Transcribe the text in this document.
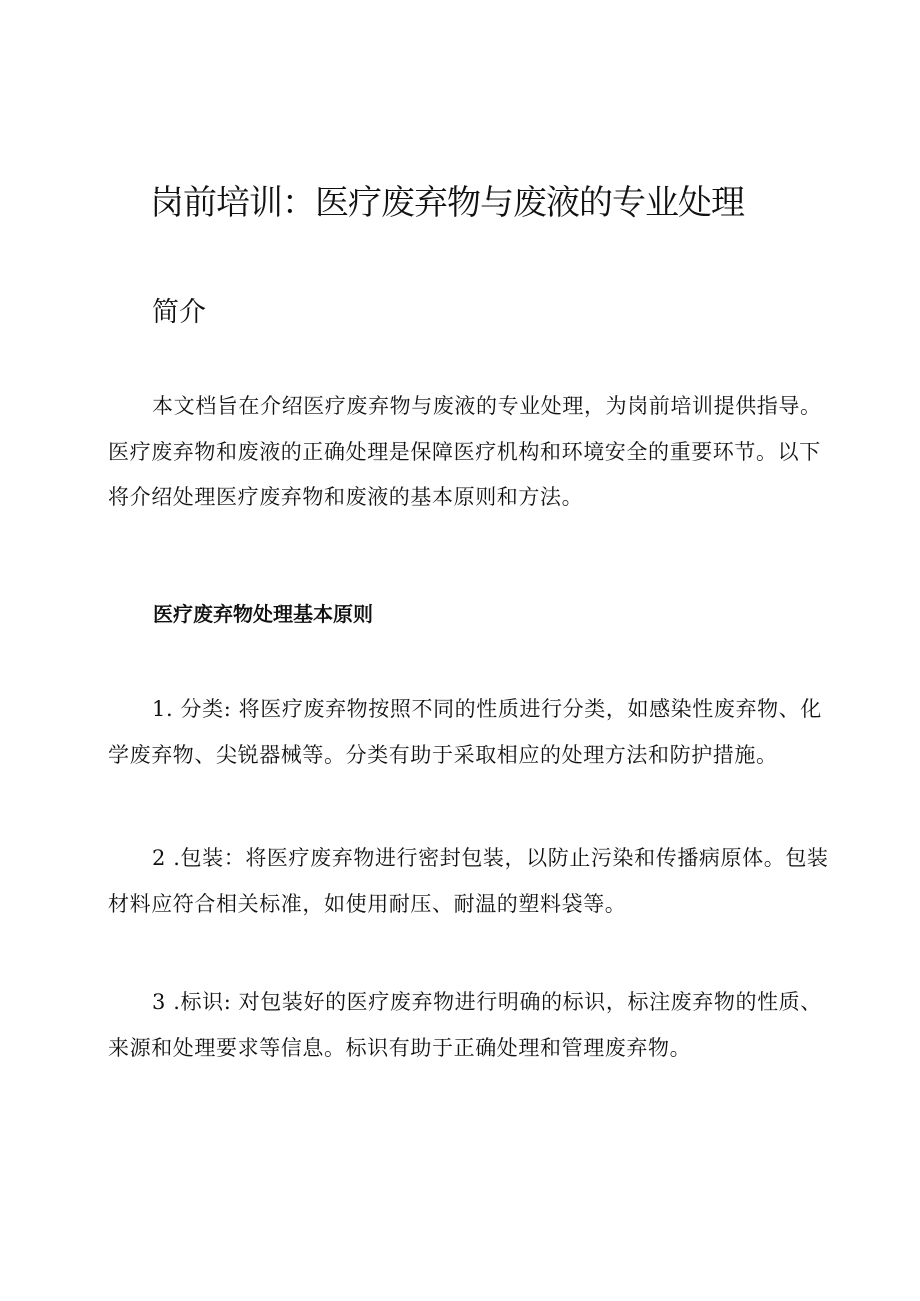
岗前培训：医疗废弃物与废液的专业处理
简介

本文档旨在介绍医疗废弃物与废液的专业处理，为岗前培训提供指导。医疗废弃物和废液的正确处理是保障医疗机构和环境安全的重要环节。以下将介绍处理医疗废弃物和废液的基本原则和方法。

医疗废弃物处理基本原则

1. 分类: 将医疗废弃物按照不同的性质进行分类，如感染性废弃物、化学废弃物、尖锐器械等。分类有助于采取相应的处理方法和防护措施。

2 .包装：将医疗废弃物进行密封包装，以防止污染和传播病原体。包装材料应符合相关标准，如使用耐压、耐温的塑料袋等。

3 .标识: 对包装好的医疗废弃物进行明确的标识，标注废弃物的性质、来源和处理要求等信息。标识有助于正确处理和管理废弃物。
